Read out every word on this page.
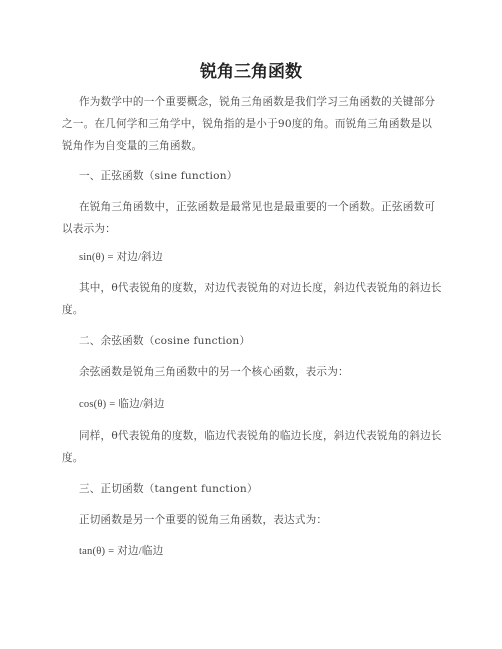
锐角三角函数

作为数学中的一个重要概念，锐角三角函数是我们学习三角函数的关键部分之一。在几何学和三角学中，锐角指的是小于90度的角。而锐角三角函数是以锐角作为自变量的三角函数。

一、正弦函数（sine function）

在锐角三角函数中，正弦函数是最常见也是最重要的一个函数。正弦函数可以表示为：

sin(θ) = 对边/斜边

其中，θ代表锐角的度数，对边代表锐角的对边长度，斜边代表锐角的斜边长度。

二、余弦函数（cosine function）

余弦函数是锐角三角函数中的另一个核心函数，表示为：

cos(θ) = 临边/斜边

同样，θ代表锐角的度数，临边代表锐角的临边长度，斜边代表锐角的斜边长度。

三、正切函数（tangent function）

正切函数是另一个重要的锐角三角函数，表达式为：

tan(θ) = 对边/临边
